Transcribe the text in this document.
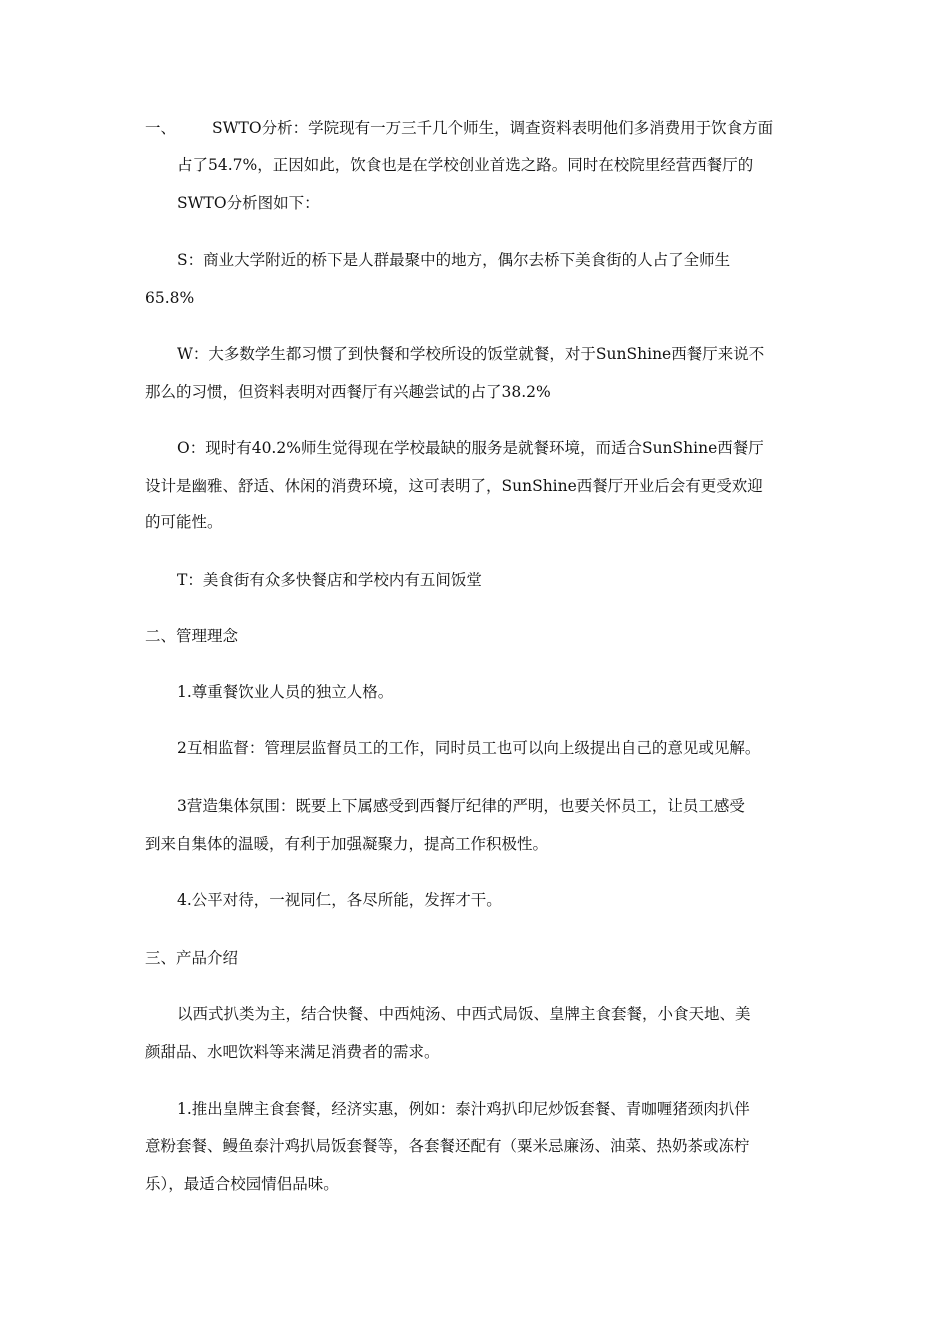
一、 SWTO分析：学院现有一万三千几个师生，调查资料表明他们多消费用于饮食方面
占了54.7%，正因如此，饮食也是在学校创业首选之路。同时在校院里经营西餐厅的
SWTO分析图如下：
S：商业大学附近的桥下是人群最聚中的地方，偶尔去桥下美食街的人占了全师生
65.8%
W：大多数学生都习惯了到快餐和学校所设的饭堂就餐，对于SunShine西餐厅来说不
那么的习惯，但资料表明对西餐厅有兴趣尝试的占了38.2%
O：现时有40.2%师生觉得现在学校最缺的服务是就餐环境，而适合SunShine西餐厅
设计是幽雅、舒适、休闲的消费环境，这可表明了，SunShine西餐厅开业后会有更受欢迎
的可能性。
T：美食街有众多快餐店和学校内有五间饭堂
二、管理理念
1.尊重餐饮业人员的独立人格。
2互相监督：管理层监督员工的工作，同时员工也可以向上级提出自己的意见或见解。
3营造集体氛围：既要上下属感受到西餐厅纪律的严明，也要关怀员工，让员工感受
到来自集体的温暖，有利于加强凝聚力，提高工作积极性。
4.公平对待，一视同仁，各尽所能，发挥才干。
三、产品介绍
以西式扒类为主，结合快餐、中西炖汤、中西式局饭、皇牌主食套餐，小食天地、美
颜甜品、水吧饮料等来满足消费者的需求。
1.推出皇牌主食套餐，经济实惠，例如：泰汁鸡扒印尼炒饭套餐、青咖喱猪颈肉扒伴
意粉套餐、鳗鱼泰汁鸡扒局饭套餐等，各套餐还配有（粟米忌廉汤、油菜、热奶茶或冻柠
乐），最适合校园情侣品味。
